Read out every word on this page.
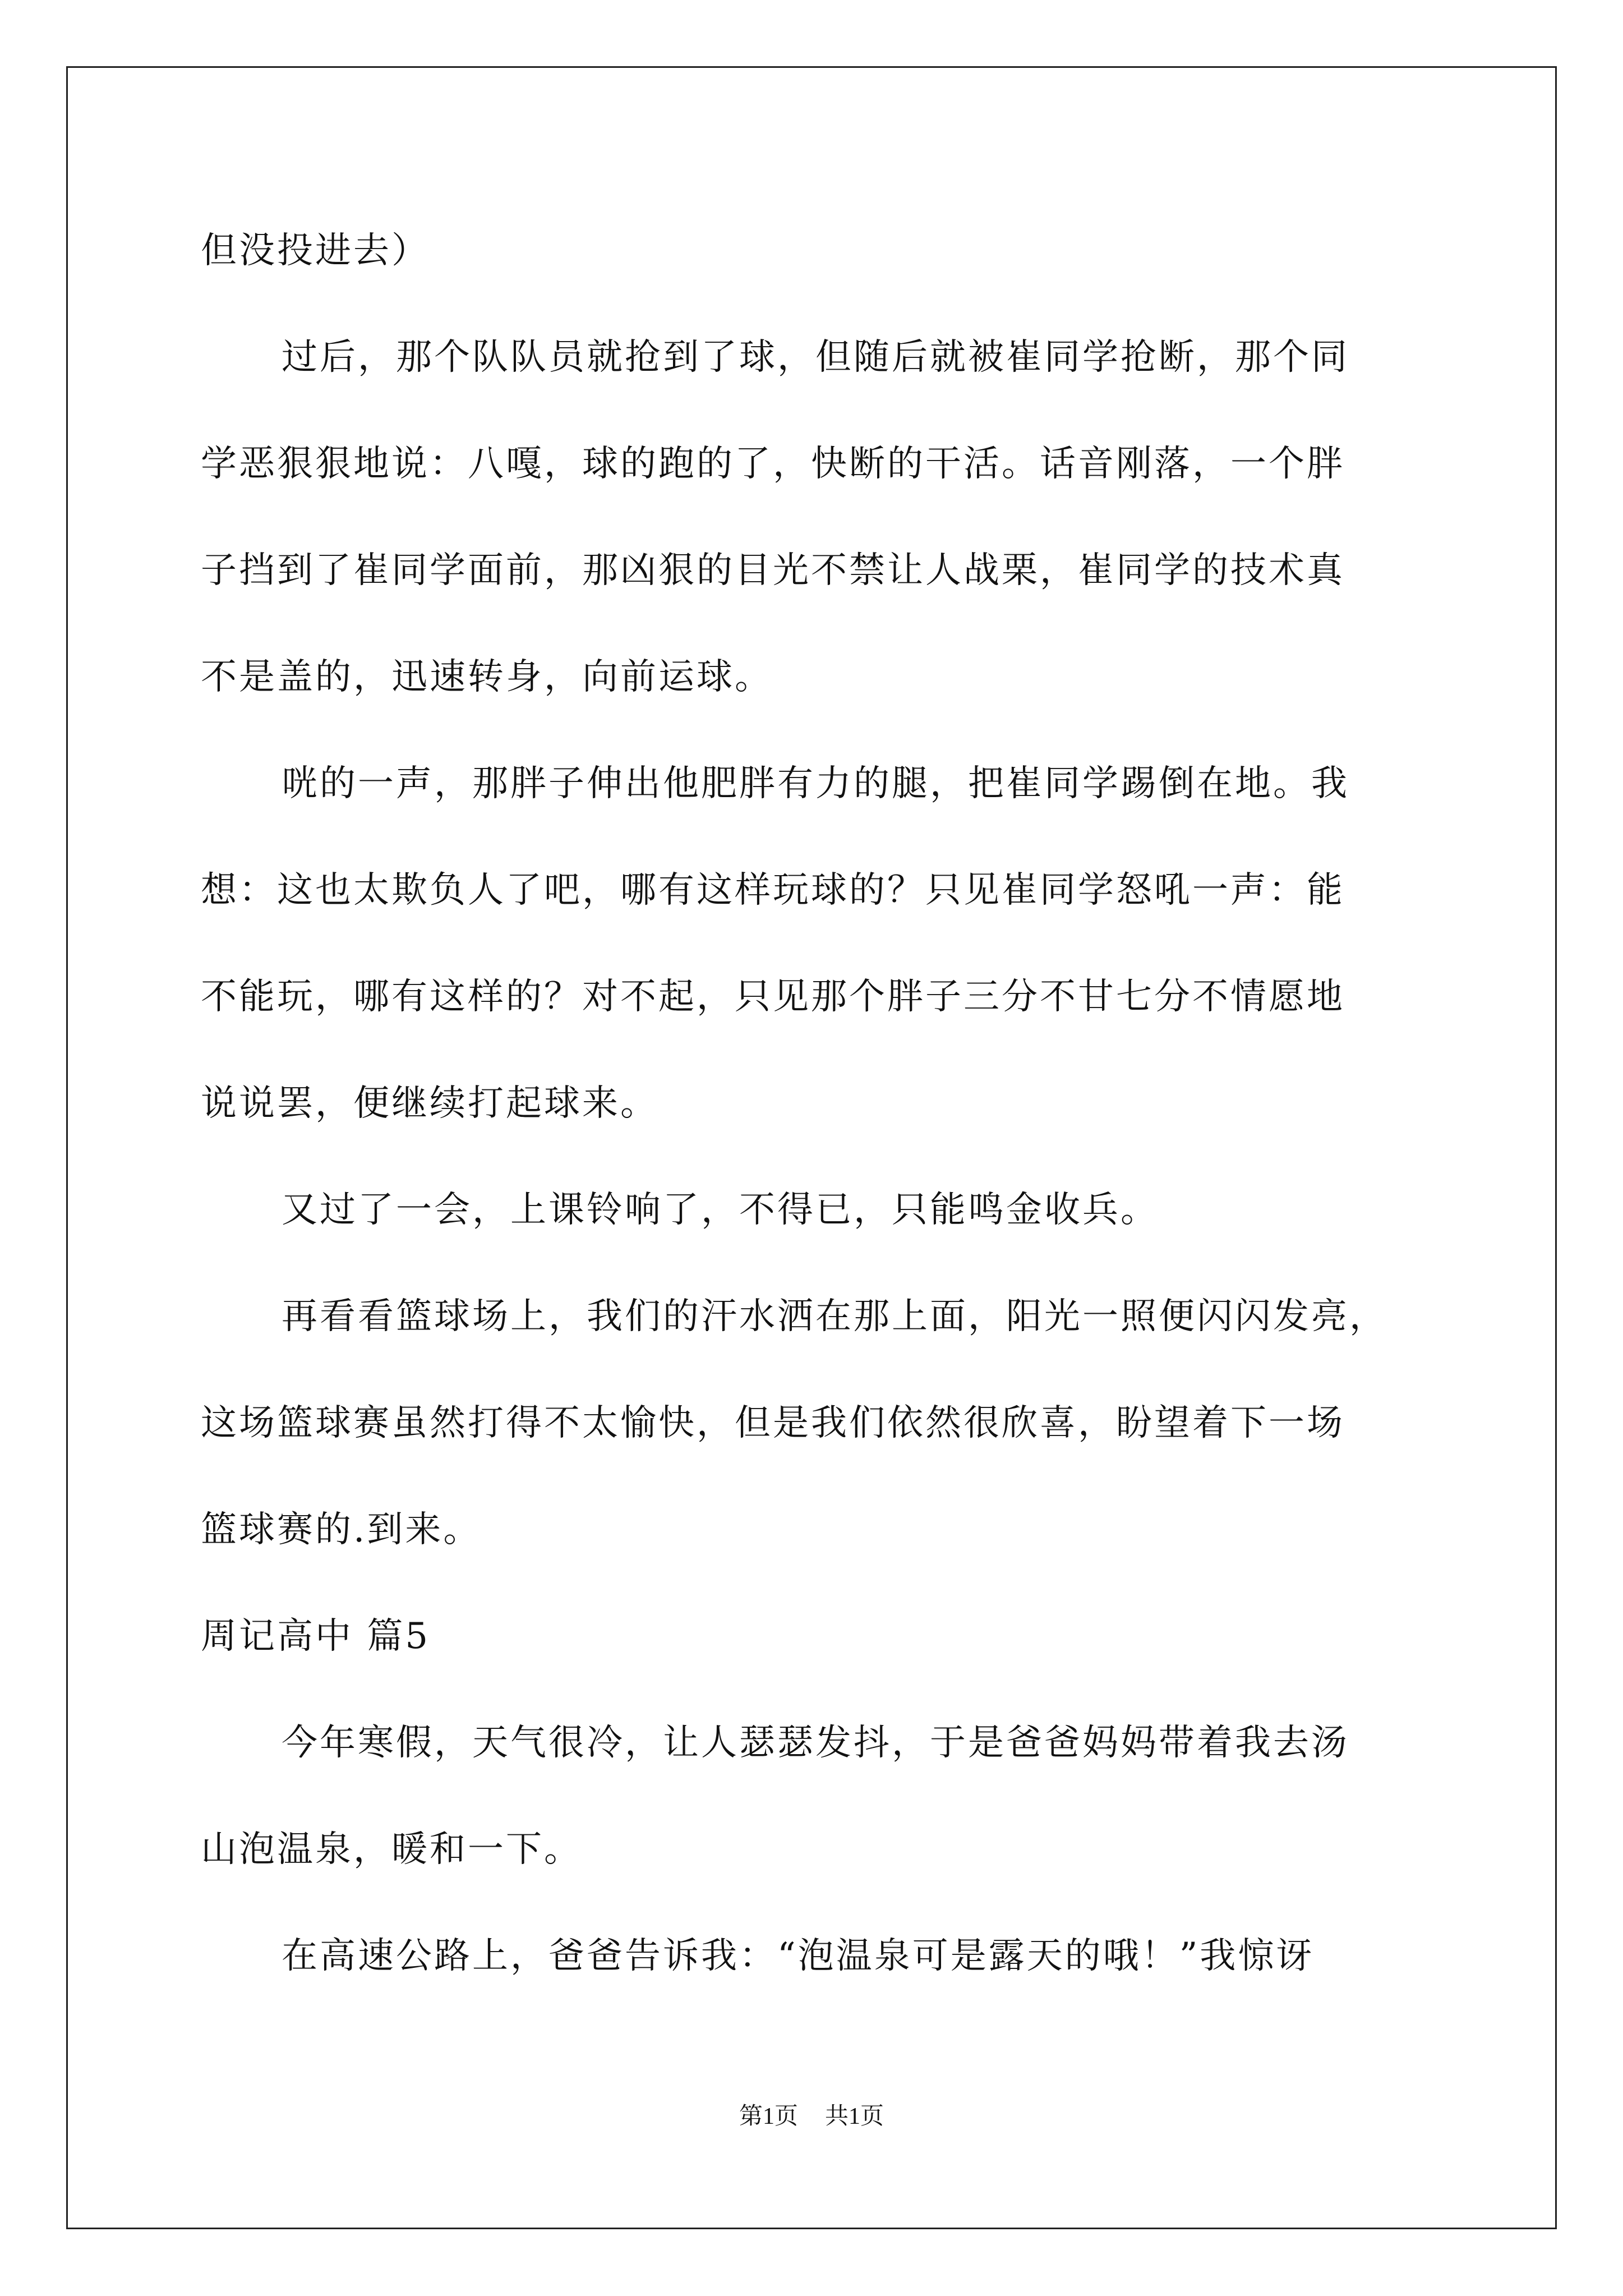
但没投进去）
过后，那个队队员就抢到了球，但随后就被崔同学抢断，那个同
学恶狠狠地说：八嘎，球的跑的了，快断的干活。话音刚落，一个胖
子挡到了崔同学面前，那凶狠的目光不禁让人战栗，崔同学的技术真
不是盖的，迅速转身，向前运球。
咣的一声，那胖子伸出他肥胖有力的腿，把崔同学踢倒在地。我
想：这也太欺负人了吧，哪有这样玩球的？只见崔同学怒吼一声：能
不能玩，哪有这样的？对不起，只见那个胖子三分不甘七分不情愿地
说说罢，便继续打起球来。
又过了一会，上课铃响了，不得已，只能鸣金收兵。
再看看篮球场上，我们的汗水洒在那上面，阳光一照便闪闪发亮，
这场篮球赛虽然打得不太愉快，但是我们依然很欣喜，盼望着下一场
篮球赛的.到来。
周记高中 篇5
今年寒假，天气很冷，让人瑟瑟发抖，于是爸爸妈妈带着我去汤
山泡温泉，暖和一下。
在高速公路上，爸爸告诉我：“泡温泉可是露天的哦！”我惊讶
第1页 共1页
